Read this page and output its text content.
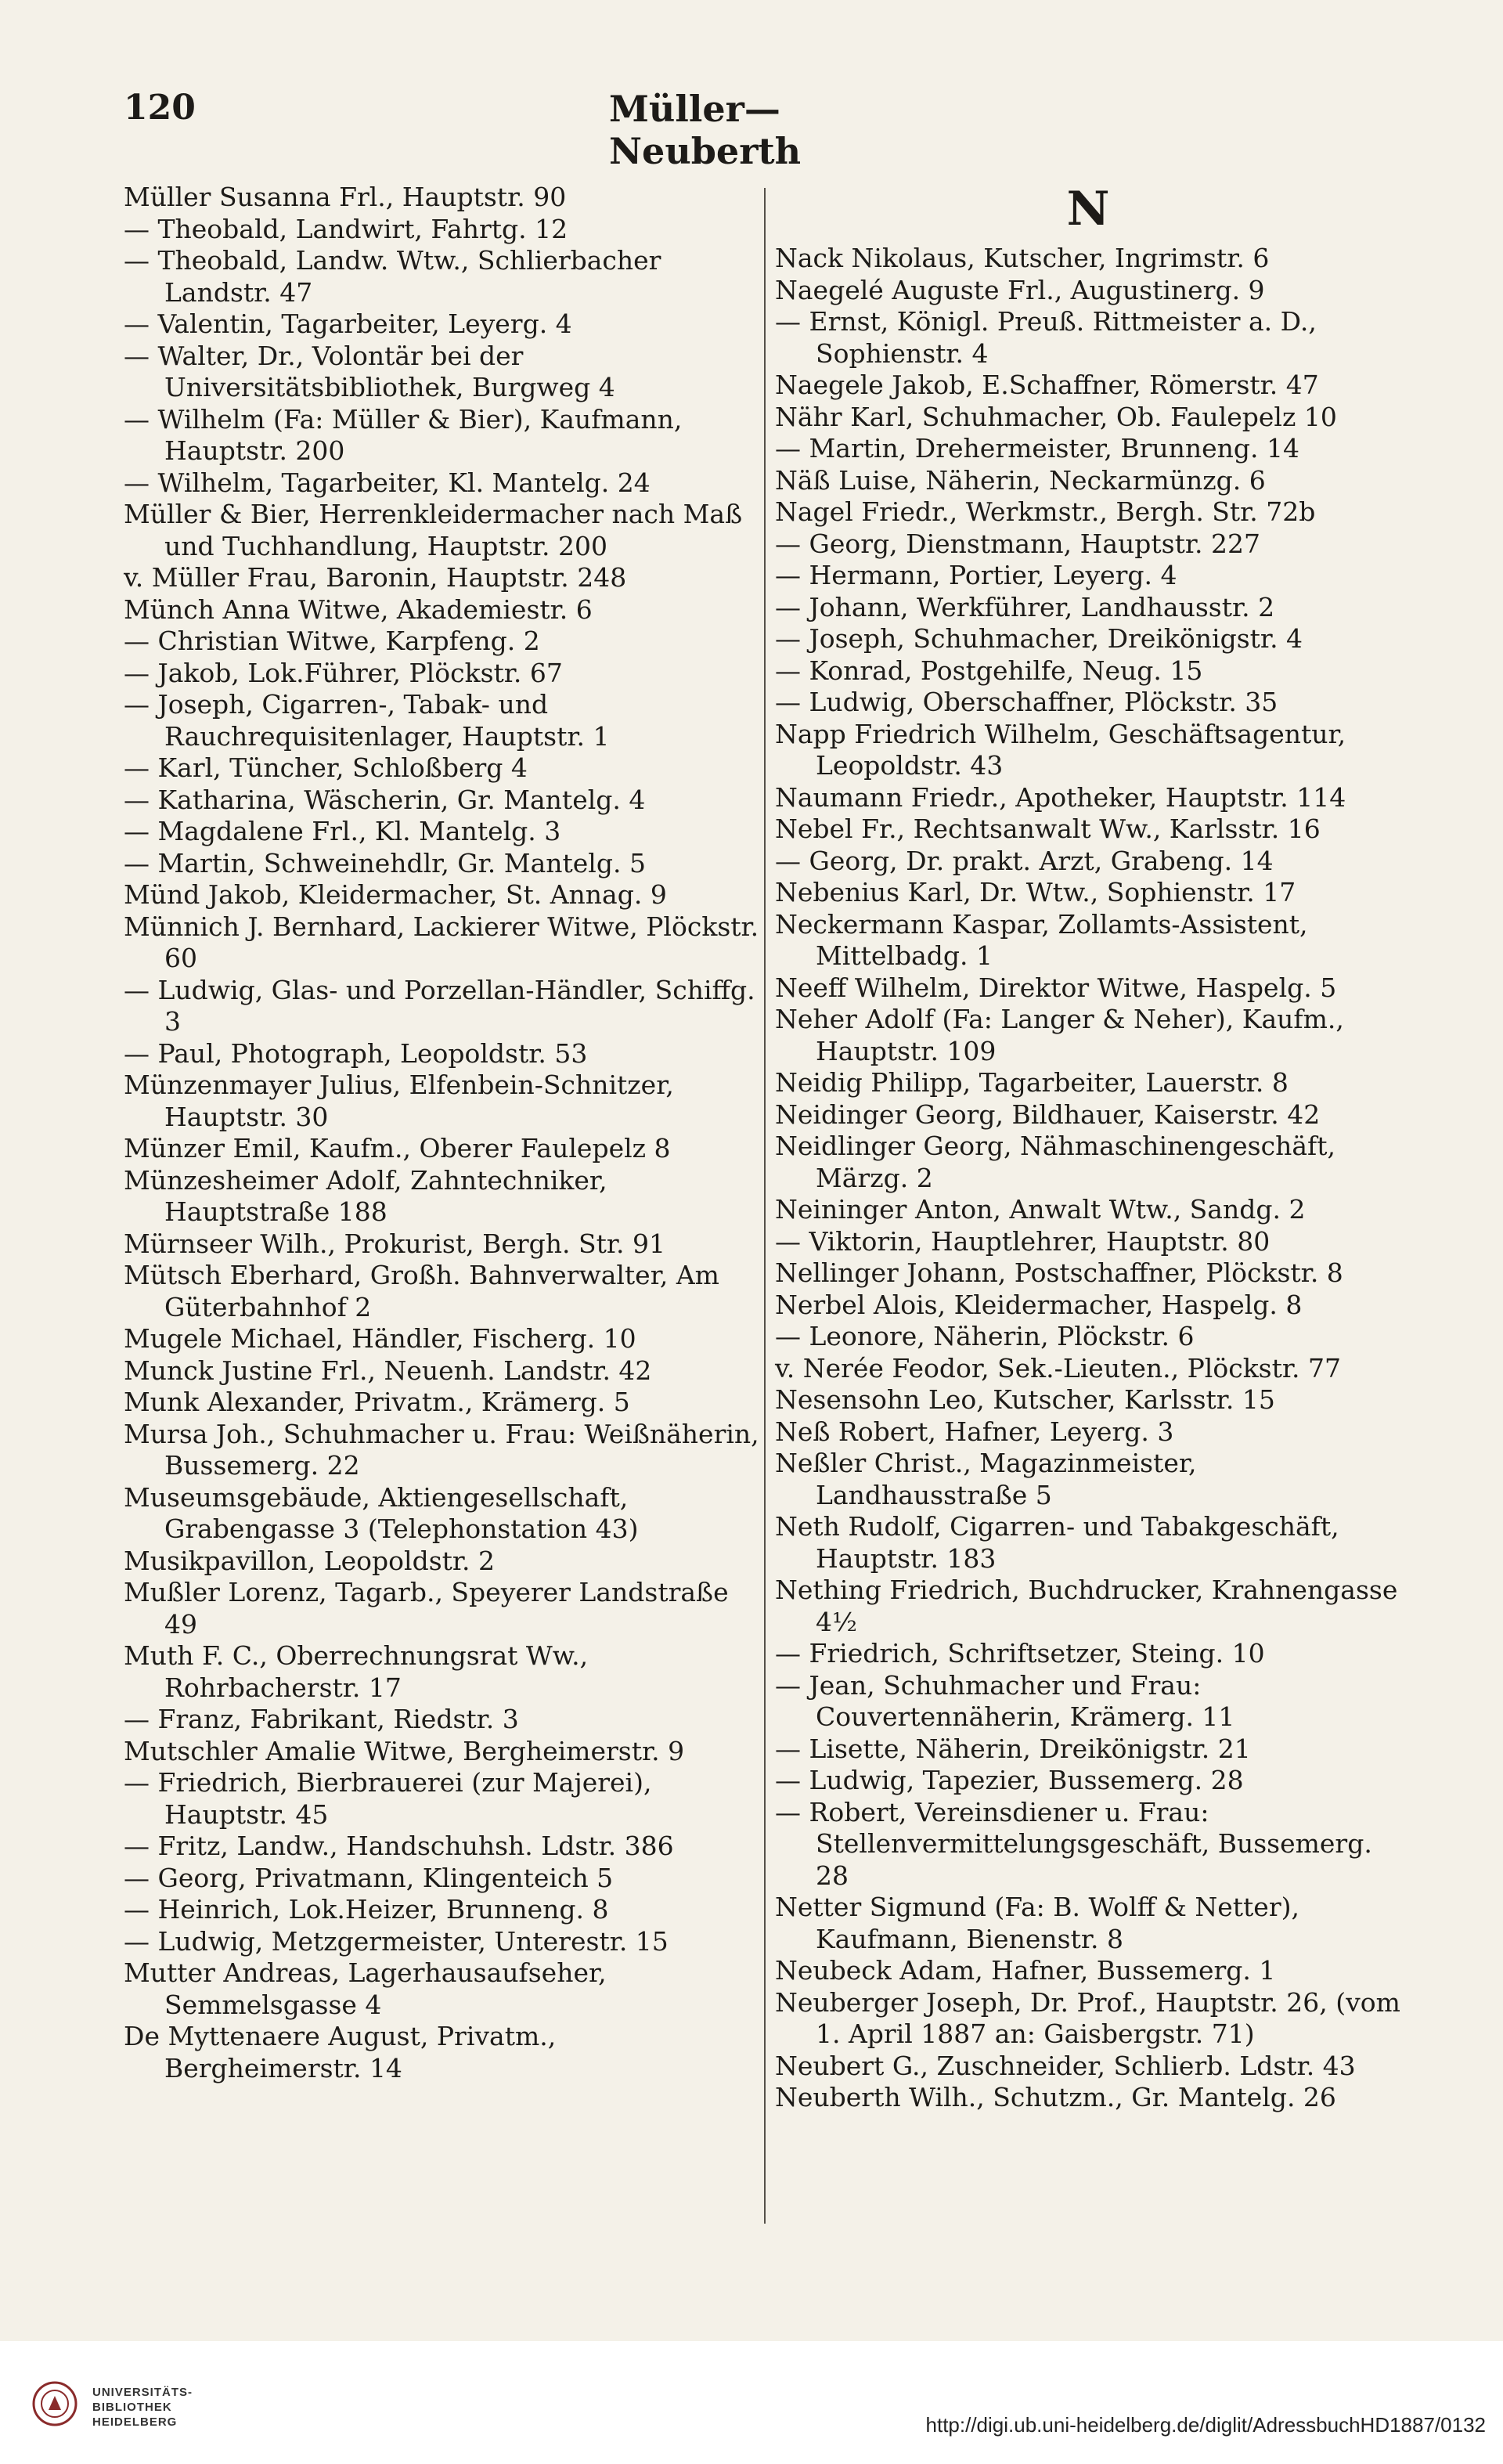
120	Müller—Neuberth
Müller Susanna Frl., Hauptstr. 90
— Theobald, Landwirt, Fahrtg. 12
— Theobald, Landw. Wtw., Schlierbacher Landstr. 47
— Valentin, Tagarbeiter, Leyerg. 4
— Walter, Dr., Volontär bei der Universitätsbibliothek, Burgweg 4
— Wilhelm (Fa: Müller & Bier), Kaufmann, Hauptstr. 200
— Wilhelm, Tagarbeiter, Kl. Mantelg. 24
Müller & Bier, Herrenkleidermacher nach Maß und Tuchhandlung, Hauptstr. 200
v. Müller Frau, Baronin, Hauptstr. 248
Münch Anna Witwe, Akademiestr. 6
— Christian Witwe, Karpfeng. 2
— Jakob, Lok.Führer, Plöckstr. 67
— Joseph, Cigarren-, Tabak- und Rauchrequisitenlager, Hauptstr. 1
— Karl, Tüncher, Schloßberg 4
— Katharina, Wäscherin, Gr. Mantelg. 4
— Magdalene Frl., Kl. Mantelg. 3
— Martin, Schweinehdlr, Gr. Mantelg. 5
Münd Jakob, Kleidermacher, St. Annag. 9
Münnich J. Bernhard, Lackierer Witwe, Plöckstr. 60
— Ludwig, Glas- und Porzellan-Händler, Schiffg. 3
— Paul, Photograph, Leopoldstr. 53
Münzenmayer Julius, Elfenbein-Schnitzer, Hauptstr. 30
Münzer Emil, Kaufm., Oberer Faulepelz 8
Münzesheimer Adolf, Zahntechniker, Hauptstraße 188
Mürnseer Wilh., Prokurist, Bergh. Str. 91
Mütsch Eberhard, Großh. Bahnverwalter, Am Güterbahnhof 2
Mugele Michael, Händler, Fischerg. 10
Munck Justine Frl., Neuenh. Landstr. 42
Munk Alexander, Privatm., Krämerg. 5
Mursa Joh., Schuhmacher u. Frau: Weißnäherin, Bussemerg. 22
Museumsgebäude, Aktiengesellschaft, Grabengasse 3 (Telephonstation 43)
Musikpavillon, Leopoldstr. 2
Mußler Lorenz, Tagarb., Speyerer Landstraße 49
Muth F. C., Oberrechnungsrat Ww., Rohrbacherstr. 17
— Franz, Fabrikant, Riedstr. 3
Mutschler Amalie Witwe, Bergheimerstr. 9
— Friedrich, Bierbrauerei (zur Majerei), Hauptstr. 45
— Fritz, Landw., Handschuhsh. Ldstr. 386
— Georg, Privatmann, Klingenteich 5
— Heinrich, Lok.Heizer, Brunneng. 8
— Ludwig, Metzgermeister, Unterestr. 15
Mutter Andreas, Lagerhausaufseher, Semmelsgasse 4
De Myttenaere August, Privatm., Bergheimerstr. 14
N
Nack Nikolaus, Kutscher, Ingrimstr. 6
Naegelé Auguste Frl., Augustinerg. 9
— Ernst, Königl. Preuß. Rittmeister a. D., Sophienstr. 4
Naegele Jakob, E.Schaffner, Römerstr. 47
Nähr Karl, Schuhmacher, Ob. Faulepelz 10
— Martin, Drehermeister, Brunneng. 14
Näß Luise, Näherin, Neckarmünzg. 6
Nagel Friedr., Werkmstr., Bergh. Str. 72b
— Georg, Dienstmann, Hauptstr. 227
— Hermann, Portier, Leyerg. 4
— Johann, Werkführer, Landhausstr. 2
— Joseph, Schuhmacher, Dreikönigstr. 4
— Konrad, Postgehilfe, Neug. 15
— Ludwig, Oberschaffner, Plöckstr. 35
Napp Friedrich Wilhelm, Geschäftsagentur, Leopoldstr. 43
Naumann Friedr., Apotheker, Hauptstr. 114
Nebel Fr., Rechtsanwalt Ww., Karlsstr. 16
— Georg, Dr. prakt. Arzt, Grabeng. 14
Nebenius Karl, Dr. Wtw., Sophienstr. 17
Neckermann Kaspar, Zollamts-Assistent, Mittelbadg. 1
Neeff Wilhelm, Direktor Witwe, Haspelg. 5
Neher Adolf (Fa: Langer & Neher), Kaufm., Hauptstr. 109
Neidig Philipp, Tagarbeiter, Lauerstr. 8
Neidinger Georg, Bildhauer, Kaiserstr. 42
Neidlinger Georg, Nähmaschinengeschäft, Märzg. 2
Neininger Anton, Anwalt Wtw., Sandg. 2
— Viktorin, Hauptlehrer, Hauptstr. 80
Nellinger Johann, Postschaffner, Plöckstr. 8
Nerbel Alois, Kleidermacher, Haspelg. 8
— Leonore, Näherin, Plöckstr. 6
v. Nerée Feodor, Sek.-Lieuten., Plöckstr. 77
Nesensohn Leo, Kutscher, Karlsstr. 15
Neß Robert, Hafner, Leyerg. 3
Neßler Christ., Magazinmeister, Landhausstraße 5
Neth Rudolf, Cigarren- und Tabakgeschäft, Hauptstr. 183
Nething Friedrich, Buchdrucker, Krahnengasse 4½
— Friedrich, Schriftsetzer, Steing. 10
— Jean, Schuhmacher und Frau: Couvertennäherin, Krämerg. 11
— Lisette, Näherin, Dreikönigstr. 21
— Ludwig, Tapezier, Bussemerg. 28
— Robert, Vereinsdiener u. Frau: Stellenvermittelungsgeschäft, Bussemerg. 28
Netter Sigmund (Fa: B. Wolff & Netter), Kaufmann, Bienenstr. 8
Neubeck Adam, Hafner, Bussemerg. 1
Neuberger Joseph, Dr. Prof., Hauptstr. 26, (vom 1. April 1887 an: Gaisbergstr. 71)
Neubert G., Zuschneider, Schlierb. Ldstr. 43
Neuberth Wilh., Schutzm., Gr. Mantelg. 26
UNIVERSITÄTS-
BIBLIOTHEK
HEIDELBERG	http://digi.ub.uni-heidelberg.de/diglit/AdressbuchHD1887/0132
